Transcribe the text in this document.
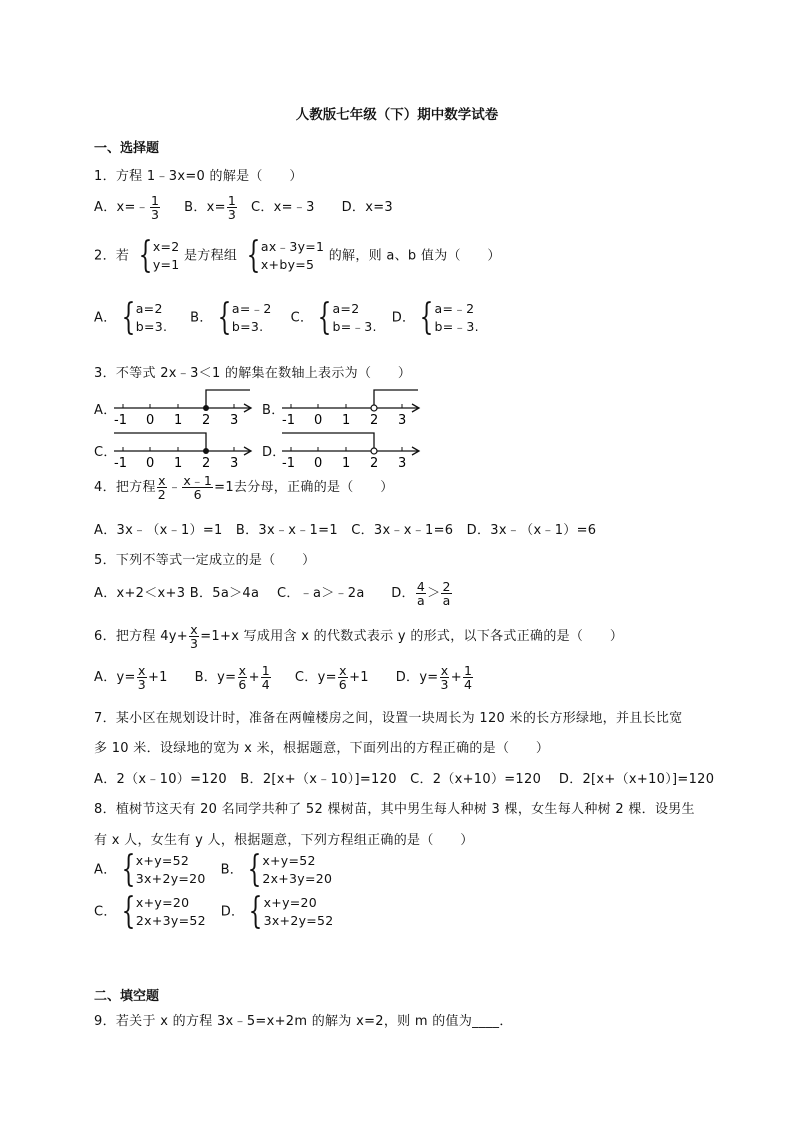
人教版七年级（下）期中数学试卷
一、选择题
1．方程 1﹣3x=0 的解是（　　）
A．x=﹣ $\frac{1}{3}$ B．$x= \frac{1}{3}$ C．x=﹣3 D．x=3
2．若 { x=2
y=1
是方程组 { ax﹣3y=1
x+by=5
的解，则 a、b 值为（　　）
A． { a=2
b=3.
B． { a=﹣2
b=3.
C． { a=2
b=﹣3.
D． { a=﹣2
b=﹣3.
3．不等式 2x﹣3＜1 的解集在数轴上表示为（　　）
A．
-1 0 1 2 3
B．
-1 0 1 2 3
C．
-1 0 1 2 3
D．
-1 0 1 2 3
4．把方程 $\frac{x}{2}$ ﹣ $\frac{x﹣1}{6} =1$去分母，正确的是（　　）
A．3x﹣（x﹣1）=1　B．3x﹣x﹣1=1　C．3x﹣x﹣1=6　D．3x﹣（x﹣1）=6
5．下列不等式一定成立的是（　　）
A．x+2＜x+3 B．5a＞4a　 C．﹣a＞﹣2a　　D． $\frac{4}{a} > \frac{2}{a}$
6．把方程 $4y+ \frac{x}{3} =1+x$ 写成用含 x 的代数式表示 y 的形式，以下各式正确的是（　　）
A．$y= \frac{x}{3} +1$ B．$y= \frac{x}{6} + \frac{1}{4}$ C．$y= \frac{x}{6} +1$ D．$y= \frac{x}{3} + \frac{1}{4}$
7．某小区在规划设计时，准备在两幢楼房之间，设置一块周长为 120 米的长方形绿地，并且长比宽
多 10 米．设绿地的宽为 x 米，根据题意，下面列出的方程正确的是（　　）
A．2（x﹣10）=120　B．2[x+（x﹣10）]=120　C．2（x+10）=120　 D．2[x+（x+10）]=120
8．植树节这天有 20 名同学共种了 52 棵树苗，其中男生每人种树 3 棵，女生每人种树 2 棵．设男生
有 x 人，女生有 y 人，根据题意，下列方程组正确的是（　　）
A． { x+y=52
3x+2y=20
B． { x+y=52
2x+3y=20
C． { x+y=20
2x+3y=52
D． { x+y=20
3x+2y=52
二、填空题
9．若关于 x 的方程 3x﹣5=x+2m 的解为 x=2，则 m 的值为____．
